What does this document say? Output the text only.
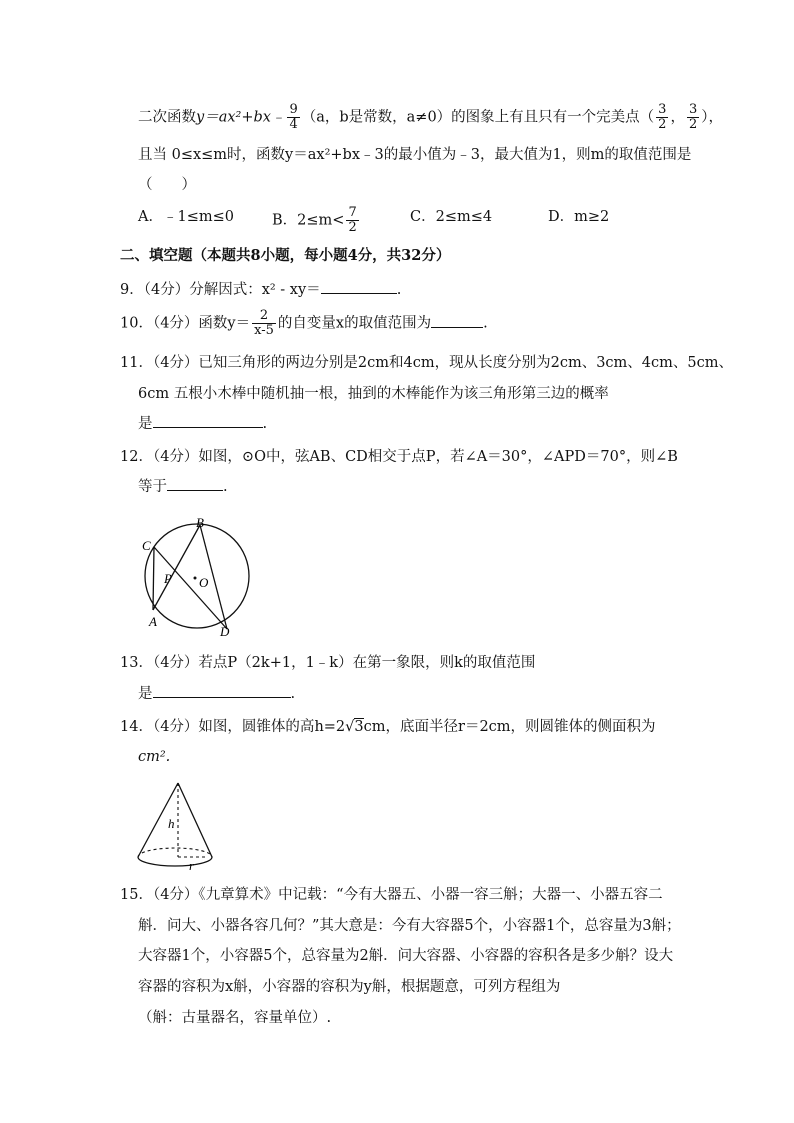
二次函数y＝ax²+bx﹣ $\frac{9}{4} (a$，b是常数，a≠0）的图象上有且只有一个完美点（ $\frac{3}{2}$ ， $\frac{3}{2}$ ），
且当 0≤x≤m时，函数y＝ax²+bx﹣3的最小值为﹣3，最大值为1，则m的取值范围是
（　　）
A．﹣1≤m≤0	B．$2\le m< \frac{7}{2}$	C．2≤m≤4	D．m≥2
二、填空题（本题共8小题，每小题4分，共32分）
9．（4分）分解因式：x² - xy＝	.
10．（4分）函数$y= \frac{2}{x-5}$ 的自变量x的取值范围为	.
11．（4分）已知三角形的两边分别是2cm和4cm，现从长度分别为2cm、3cm、4cm、5cm、
6cm 五根小木棒中随机抽一根，抽到的木棒能作为该三角形第三边的概率
是	.
12．（4分）如图，⊙O中，弦AB、CD相交于点P，若∠A＝30°，∠APD＝70°，则∠B
等于	.
B
C
P O
A
D
13．（4分）若点P（2k+1，1﹣k）在第一象限，则k的取值范围
是	.
14．（4分）如图，圆锥体的高h=2√3cm，底面半径r＝2cm，则圆锥体的侧面积为
cm².
h
r
15．（4分）《九章算术》中记载：“今有大器五、小器一容三斛；大器一、小器五容二
斛．问大、小器各容几何？”其大意是：今有大容器5个，小容器1个，总容量为3斛；
大容器1个，小容器5个，总容量为2斛．问大容器、小容器的容积各是多少斛？设大
容器的容积为x斛，小容器的容积为y斛，根据题意，可列方程组为
（斛：古量器名，容量单位）.
